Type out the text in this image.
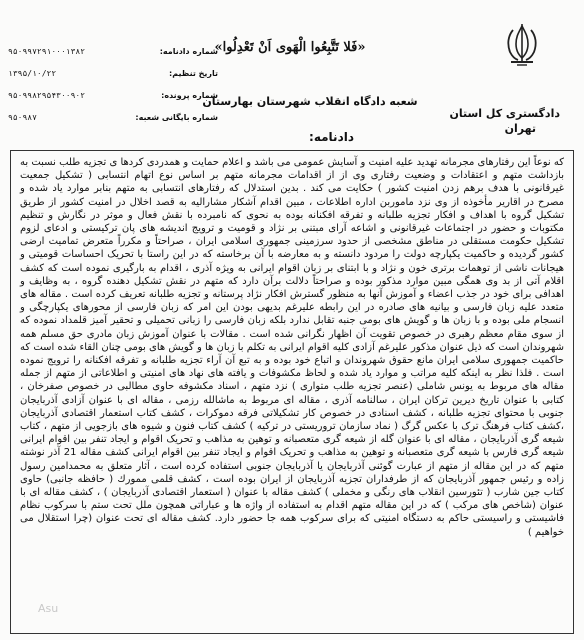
دادگستری کل استان
تهران
«فَلا تَتَّبِعُوا الْهَوی اَنْ تَعْدِلُوا»
شعبه دادگاه انقلاب شهرستان بهارستان
دادنامه:
۹۵۰۹۹۷۲۹۱۰۰۰۱۳۸۲	شماره دادنامه:
۱۳۹۵/۱۰/۲۲	تاریخ تنظیم:
۹۵۰۹۹۸۲۹۵۴۳۰۰۹۰۲	شماره پرونده:
۹۵۰۹۸۷	شماره بایگانی شعبه:
که نوعاً این رفتارهای مجرمانه تهدید علیه امنیت و آسایش عمومی می باشد و اعلام حمایت و همدردی کردها ی تجزیه طلب نسبت به بازداشت متهم و اعتقادات و وضعیت رفتاری وی از از اقدامات مجرمانه متهم بر اساس نوع اتهام انتسابی ( تشکیل جمعیت غیرقانونی با هدف برهم زدن امنیت کشور ) حکایت می کند . بدین استدلال که رفتارهای انتسابی به متهم بنابر موارد یاد شده و مصرح در اقاریر مأخوذه از وی نزد ماموربن اداره اطلاعات ، مبین اقدام آشکار مشارالیه به قصد اخلال در امنیت کشور از طریق تشکیل گروه با اهداف و افکار تجزیه طلبانه و تفرقه افکنانه بوده به نحوی که نامبرده با نقش فعال و موثر در نگارش و تنظیم مکتوبات و حضور در اجتماعات غیرقانونی و اشاعه آرای مبتنی بر نژاد و قومیت و ترویج اندیشه های پان ترکیستی و ادعای لزوم تشکیل حکومت مستقلی در مناطق مشخصی از حدود سرزمینی جمهوری اسلامی ایران ، صراحتاً و مکرراً متعرض تمامیت ارضی کشور گردیده و حاکمیت یکپارچه دولت را مردود دانسته و به معارضه با آن برخاسته که در این راستا با تحریک احساسات قومیتی و هیجانات ناشی از توهمات برتری خون و نژاد و با ابتنای بر زبان اقوام ایرانی به ویژه آذری ، اقدام به بارگیری نموده است که کشف اقلام آتی از بد وی همگی مبین موارد مذکور بوده و صراحتاً دلالت برآن دارد که متهم در نقش تشکیل دهنده گروه ، به وظایف و اهدافی برای خود در جذب اعضاء و آموزش آنها به منظور گسترش افکار نژاد پرستانه و تجزیه طلبانه تعریف کرده است . مقاله های متعدد علیه زبان فارسی و بیانیه های صادره در این رابطه علیرغم بدیهی بودن این امر که زبان فارسی از محورهای یکپارچگی و انسجام ملی بوده و با زبان ها و گویش های بومی جنبه تقابل ندارد بلکه زبان فارسی را زبانی تحمیلی و تحقیر آمیز قلمداد نموده که از سوی مقام معظم رهبری در خصوص تقویت آن اظهار نگرانی شده است . مقالات با عنوان آموزش زبان مادری حق مسلم همه شهروندان است که ذیل عنوان مذکور علیرغم آزادی کلیه اقوام ایرانی به تکلم با زبان ها و گویش های بومی چنان القاء شده است که حاکمیت جمهوری سلامی ایران مانع حقوق شهروندان و اتباع خود بوده و به تبع آن آراء تجزیه طلبانه و تفرقه افکنانه را ترویج نموده است . فلذا نظر به اینکه کلیه مراتب و موارد یاد شده و لحاظ مکشوفات و یافته های نهاد های امنیتی و اطلاعاتی از متهم از جمله مقاله های مربوط به یونس شاملی (عنصر تجزیه طلب متواری ) نزد متهم ، اسناد مکشوفه حاوی مطالبی در خصوص صفرخان ، کتابی با عنوان تاریخ دیرین ترکان ایران ، سالنامه آذری ، مقاله ای مربوط به ماشالله رزمی ، مقاله ای با عنوان آزادی آذربایجان جنوبی با محتوای تجزیه طلبانه ، کشف اسنادی در خصوص کار تشکیلاتی فرقه دموکرات ، کشف کتاب استعمار اقتصادی آذربایجان ،کشف کتاب فرهنگ ترک با عکس گرگ ( نماد سازمان تروریستی در ترکیه ) کشف کتاب فنون و شیوه های بازجویی از متهم ، کتاب شیعه گری آذربایجان ، مقاله ای با عنوان گله از شیعه گری متعصبانه و توهین به مذاهب و تحریک اقوام و ایجاد تنفر بین اقوام ایرانی شیعه گری فارس با شیعه گری متعصبانه و توهین به مذاهب و تحریک اقوام و ایجاد تنفر بین اقوام ایرانی کشف مقاله 21 آذر نوشته متهم که در این مقاله از متهم از عبارت گوئنی آذربایجان یا آذربایجان جنوبی استفاده کرده است ، آثار متعلق به محمدامین رسول زاده و رئیس جمهور آذربایجان که از طرفداران تجزیه آذربایجان از ایران بوده است ، کشف قلمی ممورك ( حافظه جانبی) حاوی کتاب جین شارب ( تئورسین انقلاب های رنگی و مخملی ) کشف مقاله با عنوان ( استعمار اقتصادی آذربایجان ) ، کشف مقاله ای با عنوان (شاخص های مرکب ) که در این مقاله متهم اقدام به استفاده از واژه ها و عباراتی همچون ملل تحت ستم با سرکوب نظام فاشیستی و راسیستی حاکم به دستگاه امنیتی که برای سرکوب همه جا حضور دارد. کشف مقاله ای تحت عنوان (چرا استقلال می خواهیم )
Asu
